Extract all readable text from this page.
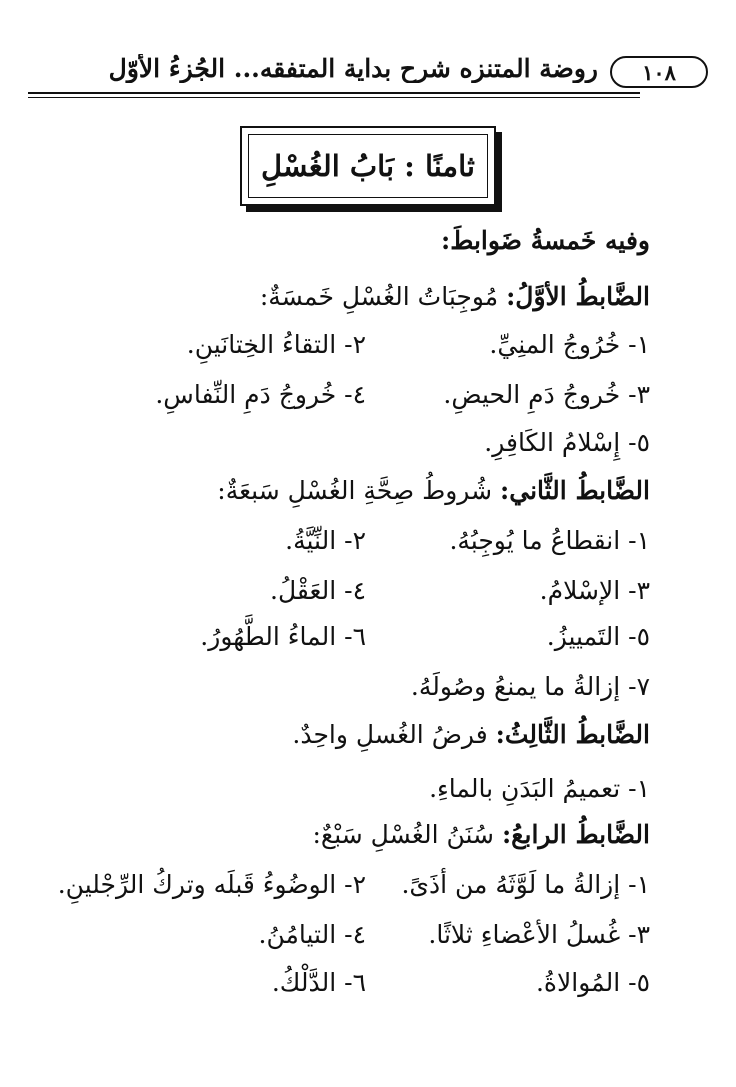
١٠٨
روضة المتنزه شرح بداية المتفقه... الجُزءُ الأوّل
ثامنًا : بَابُ الغُسْلِ
وفيه خَمسةُ ضَوابطَ:
الضَّابطُ الأوَّلُ: مُوجِبَاتُ الغُسْلِ خَمسَةٌ:
١- خُرُوجُ المنِيِّ.
٢- التقاءُ الخِتانَينِ.
٣- خُروجُ دَمِ الحيضِ.
٤- خُروجُ دَمِ النِّفاسِ.
٥- إِسْلامُ الكَافِرِ.
الضَّابطُ الثَّاني: شُروطُ صِحَّةِ الغُسْلِ سَبعَةٌ:
١- انقطاعُ ما يُوجِبُهُ.
٢- النِّيَّةُ.
٣- الإسْلامُ.
٤- العَقْلُ.
٥- التَمييزُ.
٦- الماءُ الطَّهُورُ.
٧- إزالةُ ما يمنعُ وصُولَهُ.
الضَّابطُ الثَّالِثُ: فرضُ الغُسلِ واحِدٌ.
١- تعميمُ البَدَنِ بالماءِ.
الضَّابطُ الرابعُ: سُنَنُ الغُسْلِ سَبْعٌ:
١- إزالةُ ما لَوَّثَهُ من أذَىً.
٢- الوضُوءُ قَبلَه وتركُ الرِّجْلينِ.
٣- غُسلُ الأعْضاءِ ثلاثًا.
٤- التيامُنُ.
٥- المُوالاةُ.
٦- الدَّلْكُ.
